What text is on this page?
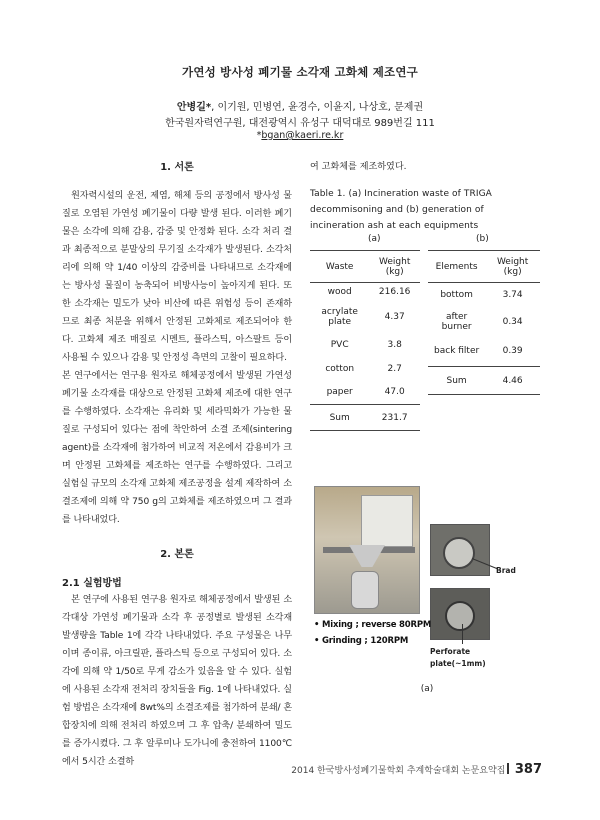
가연성 방사성 폐기물 소각재 고화체 제조연구
안병길*, 이기원, 민병연, 윤경수, 이윤지, 나상호, 문제권
한국원자력연구원, 대전광역시 유성구 대덕대로 989번길 111
*bgan@kaeri.re.kr
1. 서론

원자력시설의 운전, 제염, 해체 등의 공정에서 방사성 물질로 오염된 가연성 폐기물이 다량 발생 된다. 이러한 폐기물은 소각에 의해 감용, 감중 및 안정화 된다. 소각 처리 결과 최종적으로 분말상의 무기질 소각재가 발생된다. 소각처리에 의해 약 1/40 이상의 감중비를 나타내므로 소각재에는 방사성 물질이 농축되어 비방사능이 높아지게 된다. 또한 소각재는 밀도가 낮아 비산에 따른 위험성 등이 존재하므로 최종 처분을 위해서 안정된 고화체로 제조되어야 한다. 고화체 제조 매질로 시멘트, 플라스틱, 아스팔트 등이 사용될 수 있으나 감용 및 안정성 측면의 고찰이 필요하다.

본 연구에서는 연구용 원자로 해체공정에서 발생된 가연성 폐기물 소각재를 대상으로 안정된 고화체 제조에 대한 연구를 수행하였다. 소각재는 유리화 및 세라믹화가 가능한 물질로 구성되어 있다는 점에 착안하여 소결 조제(sintering agent)를 소각재에 첨가하여 비교적 저온에서 감용비가 크며 안정된 고화체를 제조하는 연구를 수행하였다. 그리고 실험실 규모의 소각재 고화체 제조공정을 설계 제작하여 소결조제에 의해 약 750 g의 고화체를 제조하였으며 그 결과를 나타내었다.

2. 본론
2.1 실험방법

본 연구에 사용된 연구용 원자로 해체공정에서 발생된 소각대상 가연성 폐기물과 소각 후 공정별로 발생된 소각재 발생량을 Table 1에 각각 나타내었다. 주요 구성물은 나무이며 종이류, 아크릴판, 플라스틱 등으로 구성되어 있다. 소각에 의해 약 1/50로 무게 감소가 있음을 알 수 있다. 실험에 사용된 소각재 전처리 장치들을 Fig. 1에 나타내었다. 실험 방법은 소각재에 8wt%의 소결조제를 첨가하여 분쇄/ 혼합장치에 의해 전처리 하였으며 그 후 압축/ 분쇄하여 밀도를 증가시켰다. 그 후 알루미나 도가니에 충전하여 1100℃에서 5시간 소결하

여 고화체를 제조하였다.
Table 1. (a) Incineration waste of TRIGA decommisoning and (b) generation of incineration ash at each equipments
(a)	(b)
Waste	Weight (kg)
wood	216.16
acrylate plate	4.37
PVC	3.8
cotton	2.7
paper	47.0
Sum	231.7
Elements	Weight (kg)
bottom	3.74
after burner	0.34
back filter	0.39
Sum	4.46
Brad
Perforate plate(~1mm)
• Mixing ; reverse 80RPM
• Grinding ; 120RPM
(a)
2014 한국방사성폐기물학회 추계학술대회 논문요약집 387
